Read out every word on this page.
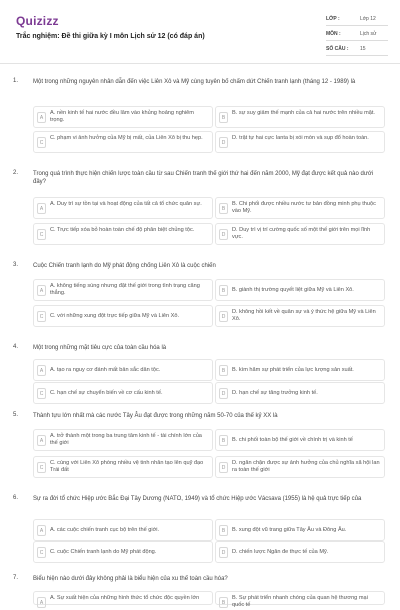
Quizizz
Trắc nghiệm: Đề thi giữa kỳ I môn Lịch sử 12 (có đáp án)
LỚP :	Lớp 12
MÔN :	Lịch sử
SỐ CÂU : 15
1. Một trong những nguyên nhân dẫn đến việc Liên Xô và Mỹ cùng tuyên bố chấm dứt Chiến tranh lạnh (tháng 12 - 1989) là
A
A. nền kinh tế hai nước đều lâm vào khủng hoảng nghiêm trọng.	B
B. sự suy giảm thế mạnh của cả hai nước trên nhiều mặt.
C
C. phạm vi ảnh hưởng của Mỹ bị mất, của Liên Xô bị thu hẹp.
D
D. trật tự hai cực Ianta bị xói mòn và sụp đổ hoàn toàn.
2. Trong quá trình thực hiện chiến lược toàn cầu từ sau Chiến tranh thế giới thứ hai đến năm 2000, Mỹ đạt được kết quả nào dưới đây?
A
A. Duy trì sự tồn tại và hoạt động của tất cả tổ chức quân sự.
B
B. Chi phối được nhiều nước tư bản đồng minh phụ thuộc vào Mỹ.
C
C. Trực tiếp xóa bỏ hoàn toàn chế độ phân biệt chủng tộc.
D
D. Duy trì vị trí cường quốc số một thế giới trên mọi lĩnh vực.
3. Cuộc Chiến tranh lạnh do Mỹ phát động chống Liên Xô là cuộc chiến
A
A. không tiếng súng nhưng đặt thế giới trong tình trạng căng thẳng.	B	B. giành thị trường quyết liệt giữa Mỹ và Liên Xô.
C	C. với những xung đột trực tiếp giữa Mỹ và Liên Xô.	D
D. không hồi kết về quân sự và ý thức hệ giữa Mỹ và Liên Xô.
4. Một trong những mặt tiêu cực của toàn cầu hóa là
A	A. tạo ra nguy cơ đánh mất bản sắc dân tộc.	B	B. kìm hãm sự phát triển của lực lượng sản xuất.
C	C. hạn chế sự chuyển biến về cơ cấu kinh tế.	D	D. hạn chế sự tăng trưởng kinh tế.
5. Thành tựu lớn nhất mà các nước Tây Âu đạt được trong những năm 50-70 của thế kỷ XX là
A
A. trở thành một trong ba trung tâm kinh tế - tài chính lớn của thế giới	B	B. chi phối toàn bộ thế giới về chính trị và kinh tế
C
C. cùng với Liên Xô phòng nhiều vệ tinh nhân tạo lên quỹ đạo Trái đất	D
D. ngăn chặn được sự ảnh hưởng của chủ nghĩa xã hội lan ra toàn thế giới
6. Sự ra đời tổ chức Hiệp ước Bắc Đại Tây Dương (NATO, 1949) và tổ chức Hiệp ước Vácsava (1955) là hệ quả trực tiếp của
A	A. các cuộc chiến tranh cục bộ trên thế giới.	B	B. xung đột vũ trang giữa Tây Âu và Đông Âu.
C	C. cuộc Chiến tranh lạnh do Mỹ phát động.	D	D. chiến lược Ngăn đe thực tế của Mỹ.
7. Biểu hiện nào dưới đây không phải là biểu hiện của xu thế toàn cầu hóa?
A
A. Sự xuất hiện của những hình thức tổ chức độc quyền lớn
B
B. Sự phát triển nhanh chóng của quan hệ thương mại quốc tế
